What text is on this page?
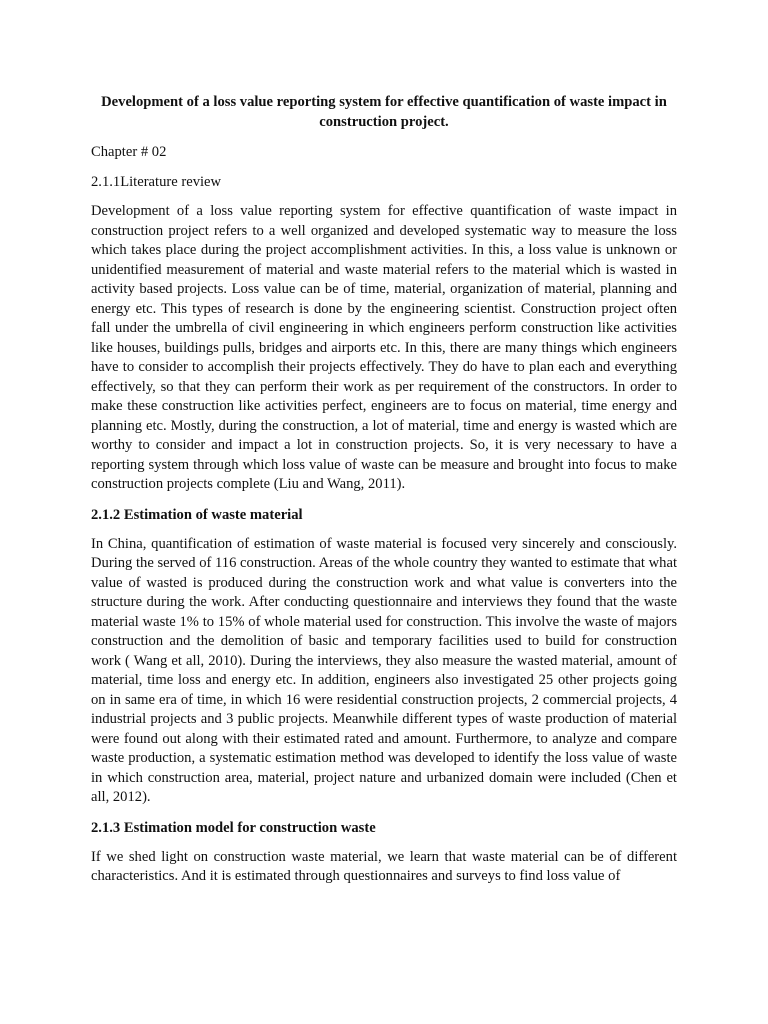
Development of a loss value reporting system for effective quantification of waste impact in construction project.
Chapter # 02
2.1.1Literature review
Development of a loss value reporting system for effective quantification of waste impact in construction project refers to a well organized and developed systematic way to measure the loss which takes place during the project accomplishment activities. In this, a loss value is unknown or unidentified measurement of material and waste material refers to the material which is wasted in activity based projects. Loss value can be of time, material, organization of material, planning and energy etc. This types of research is done by the engineering scientist. Construction project often fall under the umbrella of civil engineering in which engineers perform construction like activities like houses, buildings pulls, bridges and airports etc. In this, there are many things which engineers have to consider to accomplish their projects effectively. They do have to plan each and everything effectively, so that they can perform their work as per requirement of the constructors. In order to make these construction like activities perfect, engineers are to focus on material, time energy and planning etc. Mostly, during the construction, a lot of material, time and energy is wasted which are worthy to consider and impact a lot in construction projects. So, it is very necessary to have a reporting system through which loss value of waste can be measure and brought into focus to make construction projects complete (Liu and Wang, 2011).
2.1.2 Estimation of waste material
In China, quantification of estimation of waste material is focused very sincerely and consciously. During the served of 116 construction. Areas of the whole country they wanted to estimate that what value of wasted is produced during the construction work and what value is converters into the structure during the work. After conducting questionnaire and interviews they found that the waste material waste 1% to 15% of whole material used for construction. This involve the waste of majors construction and the demolition of basic and temporary facilities used to build for construction work ( Wang et all, 2010). During the interviews, they also measure the wasted material, amount of material, time loss and energy etc. In addition, engineers also investigated 25 other projects going on in same era of time, in which 16 were residential construction projects, 2 commercial projects, 4 industrial projects and 3 public projects. Meanwhile different types of waste production of material were found out along with their estimated rated and amount. Furthermore, to analyze and compare waste production, a systematic estimation method was developed to identify the loss value of waste in which construction area, material, project nature and urbanized domain were included (Chen et all, 2012).
2.1.3 Estimation model for construction waste
If we shed light on construction waste material, we learn that waste material can be of different characteristics. And it is estimated through questionnaires and surveys to find loss value of
